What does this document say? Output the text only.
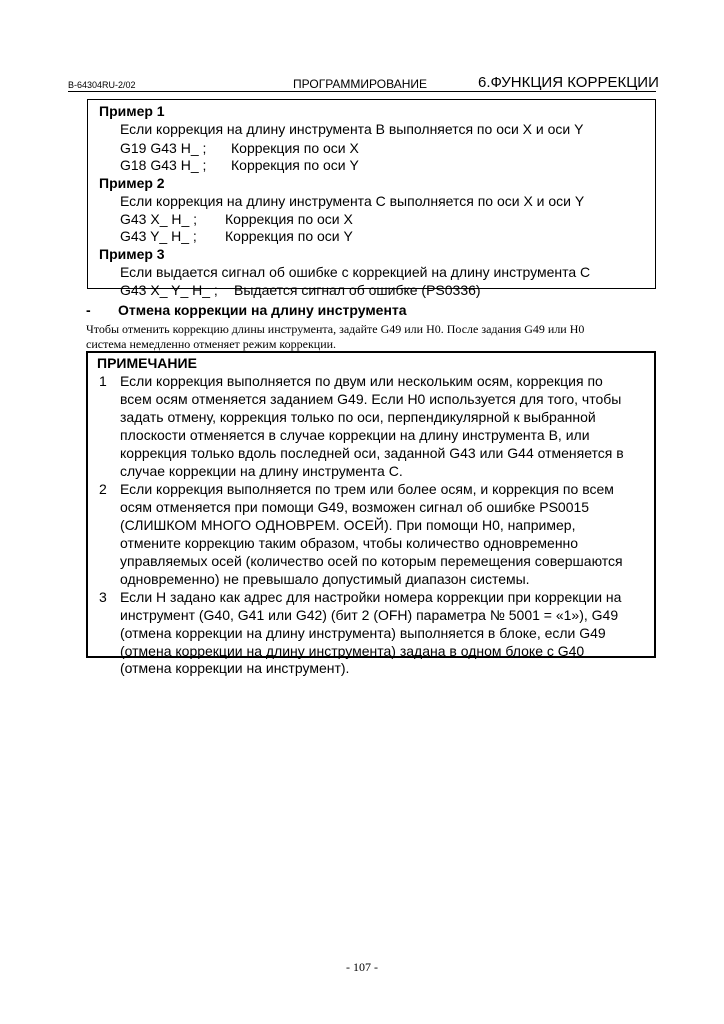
B-64304RU-2/02	ПРОГРАММИРОВАНИЕ	6.ФУНКЦИЯ КОРРЕКЦИИ
Пример 1
Если коррекция на длину инструмента B выполняется по оси X и оси Y
G19 G43 H_ ; Коррекция по оси X
G18 G43 H_ ; Коррекция по оси Y
Пример 2
Если коррекция на длину инструмента C выполняется по оси X и оси Y
G43 X_ H_ ; Коррекция по оси X
G43 Y_ H_ ; Коррекция по оси Y
Пример 3
Если выдается сигнал об ошибке с коррекцией на длину инструмента C
G43 X_ Y_ H_ ; Выдается сигнал об ошибке (PS0336)
- Отмена коррекции на длину инструмента
Чтобы отменить коррекцию длины инструмента, задайте G49 или H0. После задания G49 или H0
система немедленно отменяет режим коррекции.
ПРИМЕЧАНИЕ
1 Если коррекция выполняется по двум или нескольким осям, коррекция по
всем осям отменяется заданием G49. Если H0 используется для того, чтобы
задать отмену, коррекция только по оси, перпендикулярной к выбранной
плоскости отменяется в случае коррекции на длину инструмента B, или
коррекция только вдоль последней оси, заданной G43 или G44 отменяется в
случае коррекции на длину инструмента C.
2 Если коррекция выполняется по трем или более осям, и коррекция по всем
осям отменяется при помощи G49, возможен сигнал об ошибке PS0015
(СЛИШКОМ МНОГО ОДНОВРЕМ. ОСЕЙ). При помощи H0, например,
отмените коррекцию таким образом, чтобы количество одновременно
управляемых осей (количество осей по которым перемещения совершаются
одновременно) не превышало допустимый диапазон системы.
3 Если H задано как адрес для настройки номера коррекции при коррекции на
инструмент (G40, G41 или G42) (бит 2 (OFH) параметра № 5001 = «1»), G49
(отмена коррекции на длину инструмента) выполняется в блоке, если G49
(отмена коррекции на длину инструмента) задана в одном блоке с G40
(отмена коррекции на инструмент).
- 107 -
